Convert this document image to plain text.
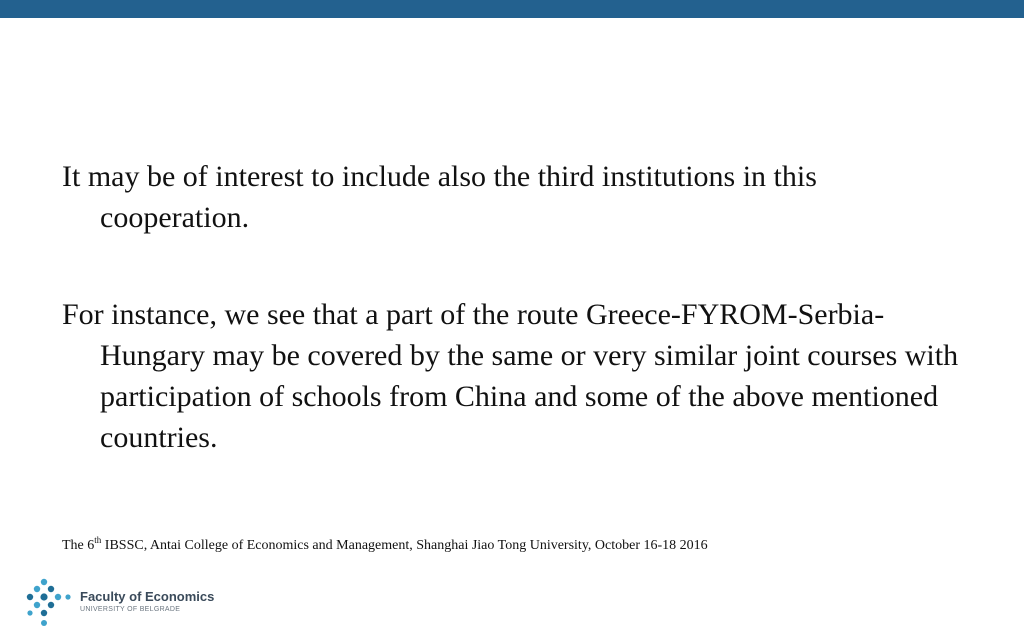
It may be of interest to include also the third institutions in this cooperation.

For instance, we see that a part of the route Greece-FYROM-Serbia-Hungary may be covered by the same or very similar joint courses with participation of schools from China and some of the above mentioned countries.

The 6th IBSSC, Antai College of Economics and Management, Shanghai Jiao Tong University, October 16-18 2016
Faculty of Economics
UNIVERSITY OF BELGRADE
